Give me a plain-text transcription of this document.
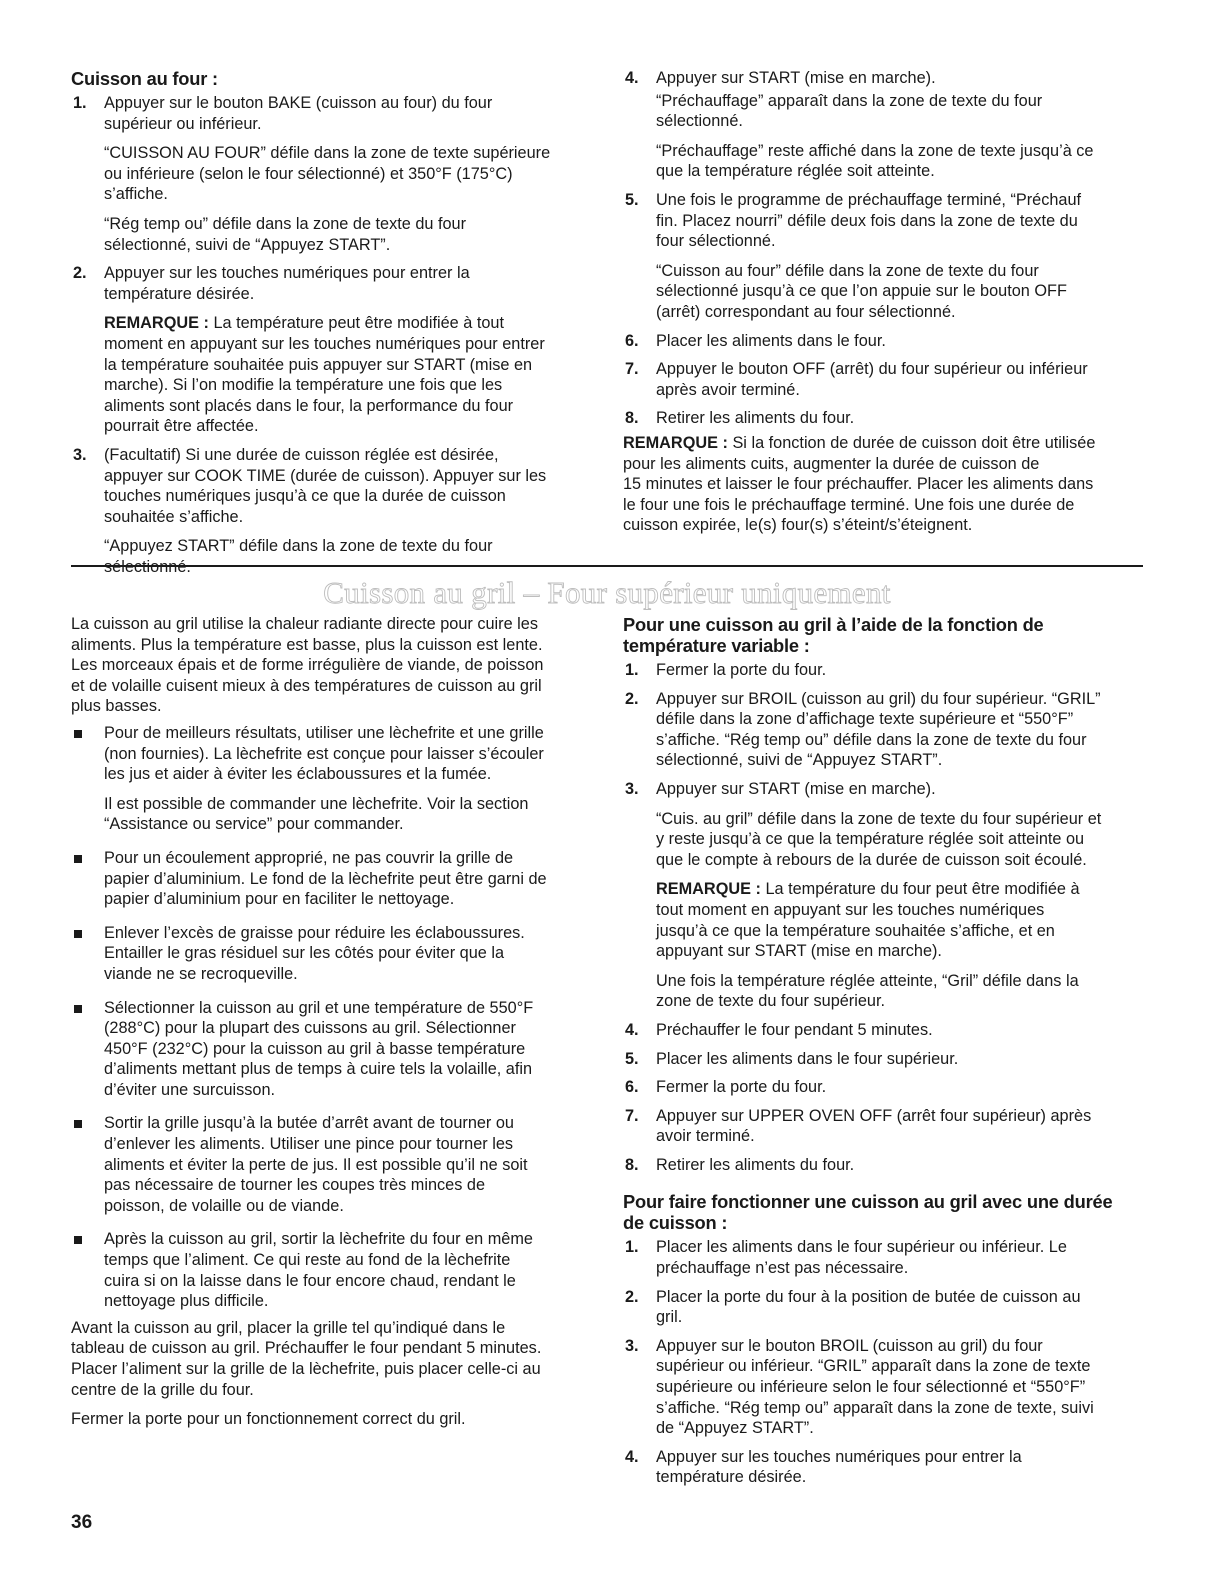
Cuisson au four :
1. Appuyer sur le bouton BAKE (cuisson au four) du four
supérieur ou inférieur.
“CUISSON AU FOUR” défile dans la zone de texte supérieure
ou inférieure (selon le four sélectionné) et 350°F (175°C)
s’affiche.
“Rég temp ou” défile dans la zone de texte du four
sélectionné, suivi de “Appuyez START”.
2. Appuyer sur les touches numériques pour entrer la
température désirée.
REMARQUE : La température peut être modifiée à tout
moment en appuyant sur les touches numériques pour entrer
la température souhaitée puis appuyer sur START (mise en
marche). Si l’on modifie la température une fois que les
aliments sont placés dans le four, la performance du four
pourrait être affectée.
3. (Facultatif) Si une durée de cuisson réglée est désirée,
appuyer sur COOK TIME (durée de cuisson). Appuyer sur les
touches numériques jusqu’à ce que la durée de cuisson
souhaitée s’affiche.
“Appuyez START” défile dans la zone de texte du four
4. Appuyer sur START (mise en marche).
“Préchauffage” apparaît dans la zone de texte du four
sélectionné.
“Préchauffage” reste affiché dans la zone de texte jusqu’à ce
que la température réglée soit atteinte.
5. Une fois le programme de préchauffage terminé, “Préchauf
fin. Placez nourri” défile deux fois dans la zone de texte du
four sélectionné.
“Cuisson au four” défile dans la zone de texte du four
sélectionné jusqu’à ce que l’on appuie sur le bouton OFF
(arrêt) correspondant au four sélectionné.
6. Placer les aliments dans le four.
7. Appuyer le bouton OFF (arrêt) du four supérieur ou inférieur
après avoir terminé.
8. Retirer les aliments du four.

REMARQUE : Si la fonction de durée de cuisson doit être utilisée
pour les aliments cuits, augmenter la durée de cuisson de
15 minutes et laisser le four préchauffer. Placer les aliments dans
le four une fois le préchauffage terminé. Une fois une durée de
cuisson expirée, le(s) four(s) s’éteint/s’éteignent.

Cuisson au gril – Four supérieur uniquement

La cuisson au gril utilise la chaleur radiante directe pour cuire les
aliments. Plus la température est basse, plus la cuisson est lente.
Les morceaux épais et de forme irrégulière de viande, de poisson
et de volaille cuisent mieux à des températures de cuisson au gril
plus basses.

Pour de meilleurs résultats, utiliser une lèchefrite et une grille
(non fournies). La lèchefrite est conçue pour laisser s’écouler
les jus et aider à éviter les éclaboussures et la fumée.
Il est possible de commander une lèchefrite. Voir la section
“Assistance ou service” pour commander.
Pour un écoulement approprié, ne pas couvrir la grille de
papier d’aluminium. Le fond de la lèchefrite peut être garni de
papier d’aluminium pour en faciliter le nettoyage.
Enlever l’excès de graisse pour réduire les éclaboussures.
Entailler le gras résiduel sur les côtés pour éviter que la
viande ne se recroqueville.
Sélectionner la cuisson au gril et une température de 550°F
(288°C) pour la plupart des cuissons au gril. Sélectionner
450°F (232°C) pour la cuisson au gril à basse température
d’aliments mettant plus de temps à cuire tels la volaille, afin
d’éviter une surcuisson.
Sortir la grille jusqu’à la butée d’arrêt avant de tourner ou
d’enlever les aliments. Utiliser une pince pour tourner les
aliments et éviter la perte de jus. Il est possible qu’il ne soit
pas nécessaire de tourner les coupes très minces de
poisson, de volaille ou de viande.
Après la cuisson au gril, sortir la lèchefrite du four en même
temps que l’aliment. Ce qui reste au fond de la lèchefrite
cuira si on la laisse dans le four encore chaud, rendant le
nettoyage plus difficile.

Avant la cuisson au gril, placer la grille tel qu’indiqué dans le
tableau de cuisson au gril. Préchauffer le four pendant 5 minutes.
Placer l’aliment sur la grille de la lèchefrite, puis placer celle-ci au
centre de la grille du four.

Fermer la porte pour un fonctionnement correct du gril.

Pour une cuisson au gril à l’aide de la fonction de
température variable :
1. Fermer la porte du four.
2. Appuyer sur BROIL (cuisson au gril) du four supérieur. “GRIL”
défile dans la zone d’affichage texte supérieure et “550°F”
s’affiche. “Rég temp ou” défile dans la zone de texte du four
sélectionné, suivi de “Appuyez START”.
3. Appuyer sur START (mise en marche).
“Cuis. au gril” défile dans la zone de texte du four supérieur et
y reste jusqu’à ce que la température réglée soit atteinte ou
que le compte à rebours de la durée de cuisson soit écoulé.
REMARQUE : La température du four peut être modifiée à
tout moment en appuyant sur les touches numériques
jusqu’à ce que la température souhaitée s’affiche, et en
appuyant sur START (mise en marche).
Une fois la température réglée atteinte, “Gril” défile dans la
zone de texte du four supérieur.
4. Préchauffer le four pendant 5 minutes.
5. Placer les aliments dans le four supérieur.
6. Fermer la porte du four.
7. Appuyer sur UPPER OVEN OFF (arrêt four supérieur) après
avoir terminé.
8. Retirer les aliments du four.
Pour faire fonctionner une cuisson au gril avec une durée
de cuisson :
1. Placer les aliments dans le four supérieur ou inférieur. Le
préchauffage n’est pas nécessaire.
2. Placer la porte du four à la position de butée de cuisson au
gril.
3. Appuyer sur le bouton BROIL (cuisson au gril) du four
supérieur ou inférieur. “GRIL” apparaît dans la zone de texte
supérieure ou inférieure selon le four sélectionné et “550°F”
s’affiche. “Rég temp ou” apparaît dans la zone de texte, suivi
de “Appuyez START”.
4. Appuyer sur les touches numériques pour entrer la
température désirée.
36
